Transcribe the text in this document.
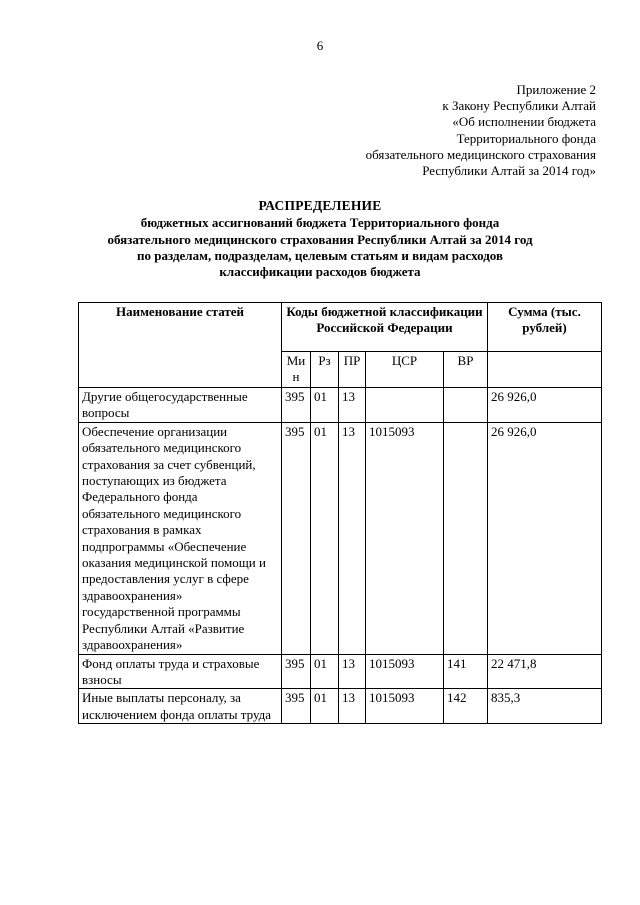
6
Приложение 2
к Закону Республики Алтай
«Об исполнении бюджета
Территориального фонда
обязательного медицинского страхования
Республики Алтай за 2014 год»
РАСПРЕДЕЛЕНИЕ
бюджетных ассигнований бюджета Территориального фонда
обязательного медицинского страхования Республики Алтай за 2014 год
по разделам, подразделам, целевым статьям и видам расходов
классификации расходов бюджета
Наименование статей	Коды бюджетной классификации Российской Федерации					Сумма (тыс. рублей)
	Ми н	Рз	ПР	ЦСР	ВР	
Другие общегосударственные вопросы	395	01	13			26 926,0
Обеспечение организации обязательного медицинского страхования за счет субвенций, поступающих из бюджета Федерального фонда обязательного медицинского страхования в рамках подпрограммы «Обеспечение оказания медицинской помощи и предоставления услуг в сфере здравоохранения» государственной программы Республики Алтай «Развитие здравоохранения»	395	01	13	1015093		26 926,0
Фонд оплаты труда и страховые взносы	395	01	13	1015093	141	22 471,8
Иные выплаты персоналу, за исключением фонда оплаты труда	395	01	13	1015093	142	835,3
